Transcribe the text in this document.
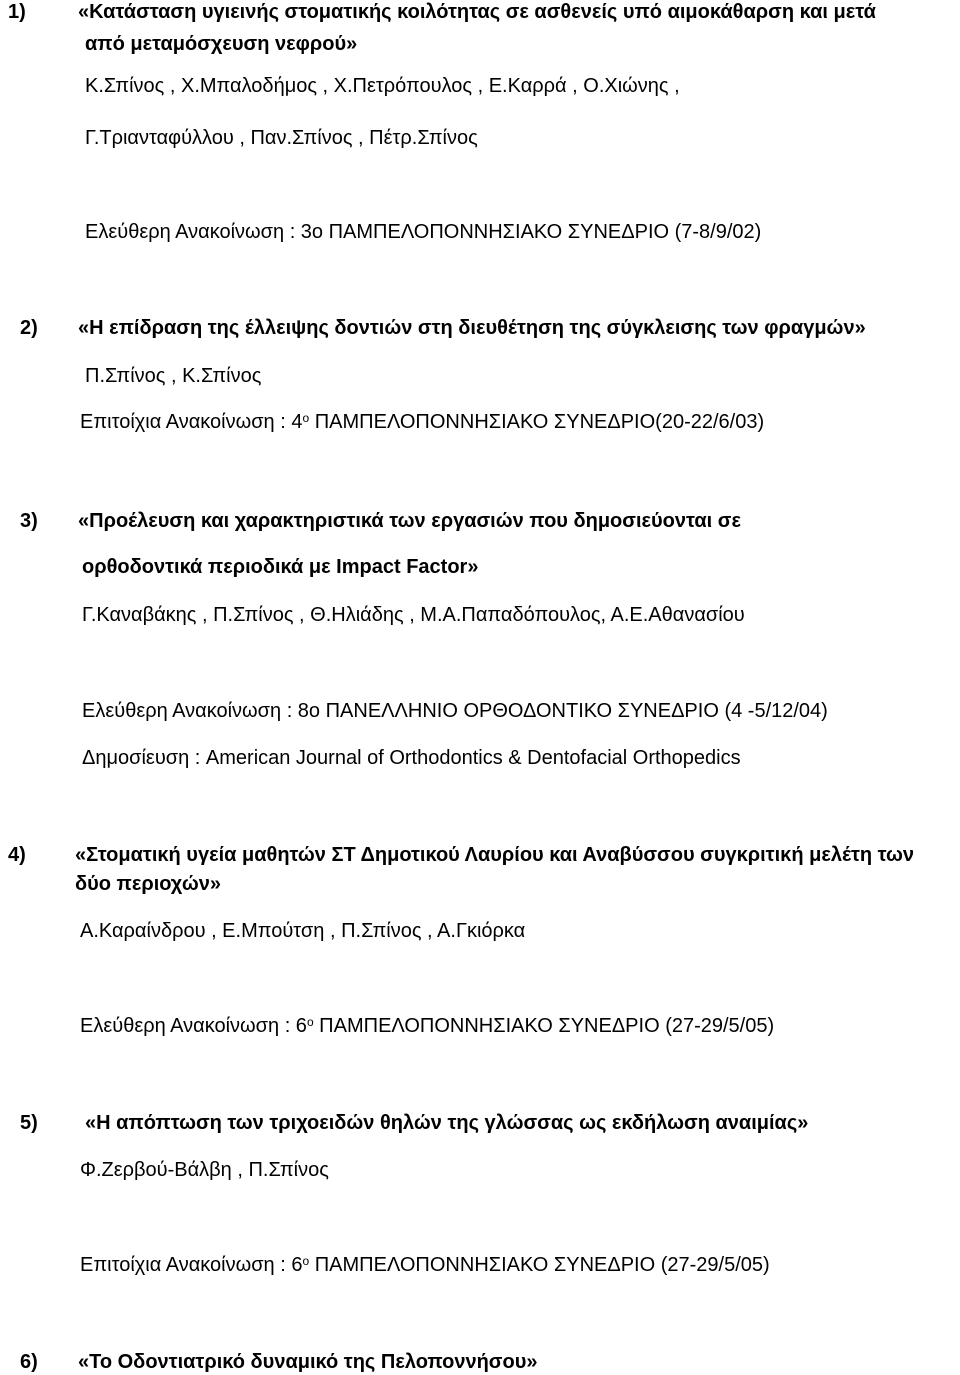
1)	«Κατάσταση υγιεινής στοματικής κοιλότητας σε ασθενείς υπό αιμοκάθαρση και μετά
από μεταμόσχευση νεφρού»
Κ.Σπίνος , Χ.Μπαλοδήμος , Χ.Πετρόπουλος , Ε.Καρρά , Ο.Χιώνης ,
Γ.Τριανταφύλλου , Παν.Σπίνος , Πέτρ.Σπίνος
Ελεύθερη Ανακοίνωση : 3ο ΠΑΜΠΕΛΟΠΟΝΝΗΣΙΑΚΟ ΣΥΝΕΔΡΙΟ (7-8/9/02)
2) «Η επίδραση της έλλειψης δοντιών στη διευθέτηση της σύγκλεισης των φραγμών»
Π.Σπίνος , Κ.Σπίνος
Επιτοίχια Ανακοίνωση : $4^o$ ΠΑΜΠΕΛΟΠΟΝΝΗΣΙΑΚΟ ΣΥΝΕΔΡΙΟ(20-22/6/03)
3) «Προέλευση και χαρακτηριστικά των εργασιών που δημοσιεύονται σε
ορθοδοντικά περιοδικά με Impact Factor»
Γ.Καναβάκης , Π.Σπίνος , Θ.Ηλιάδης , Μ.Α.Παπαδόπουλος, Α.Ε.Αθανασίου
Ελεύθερη Ανακοίνωση : 8ο ΠΑΝΕΛΛΗΝΙΟ ΟΡΘΟΔΟΝΤΙΚΟ ΣΥΝΕΔΡΙΟ (4 -5/12/04)
Δημοσίευση : American Journal of Orthodontics & Dentofacial Orthopedics
4) «Στοματική υγεία μαθητών ΣΤ Δημοτικού Λαυρίου και Αναβύσσου συγκριτική μελέτη των
δύο περιοχών»
Α.Καραίνδρου , Ε.Μπούτση , Π.Σπίνος , Α.Γκιόρκα
Ελεύθερη Ανακοίνωση : $6^o$ ΠΑΜΠΕΛΟΠΟΝΝΗΣΙΑΚΟ ΣΥΝΕΔΡΙΟ (27-29/5/05)
5) «Η απόπτωση των τριχοειδών θηλών της γλώσσας ως εκδήλωση αναιμίας»
Φ.Ζερβού-Βάλβη , Π.Σπίνος
Επιτοίχια Ανακοίνωση : $6^o$ ΠΑΜΠΕΛΟΠΟΝΝΗΣΙΑΚΟ ΣΥΝΕΔΡΙΟ (27-29/5/05)
6) «Το Οδοντιατρικό δυναμικό της Πελοποννήσου»
